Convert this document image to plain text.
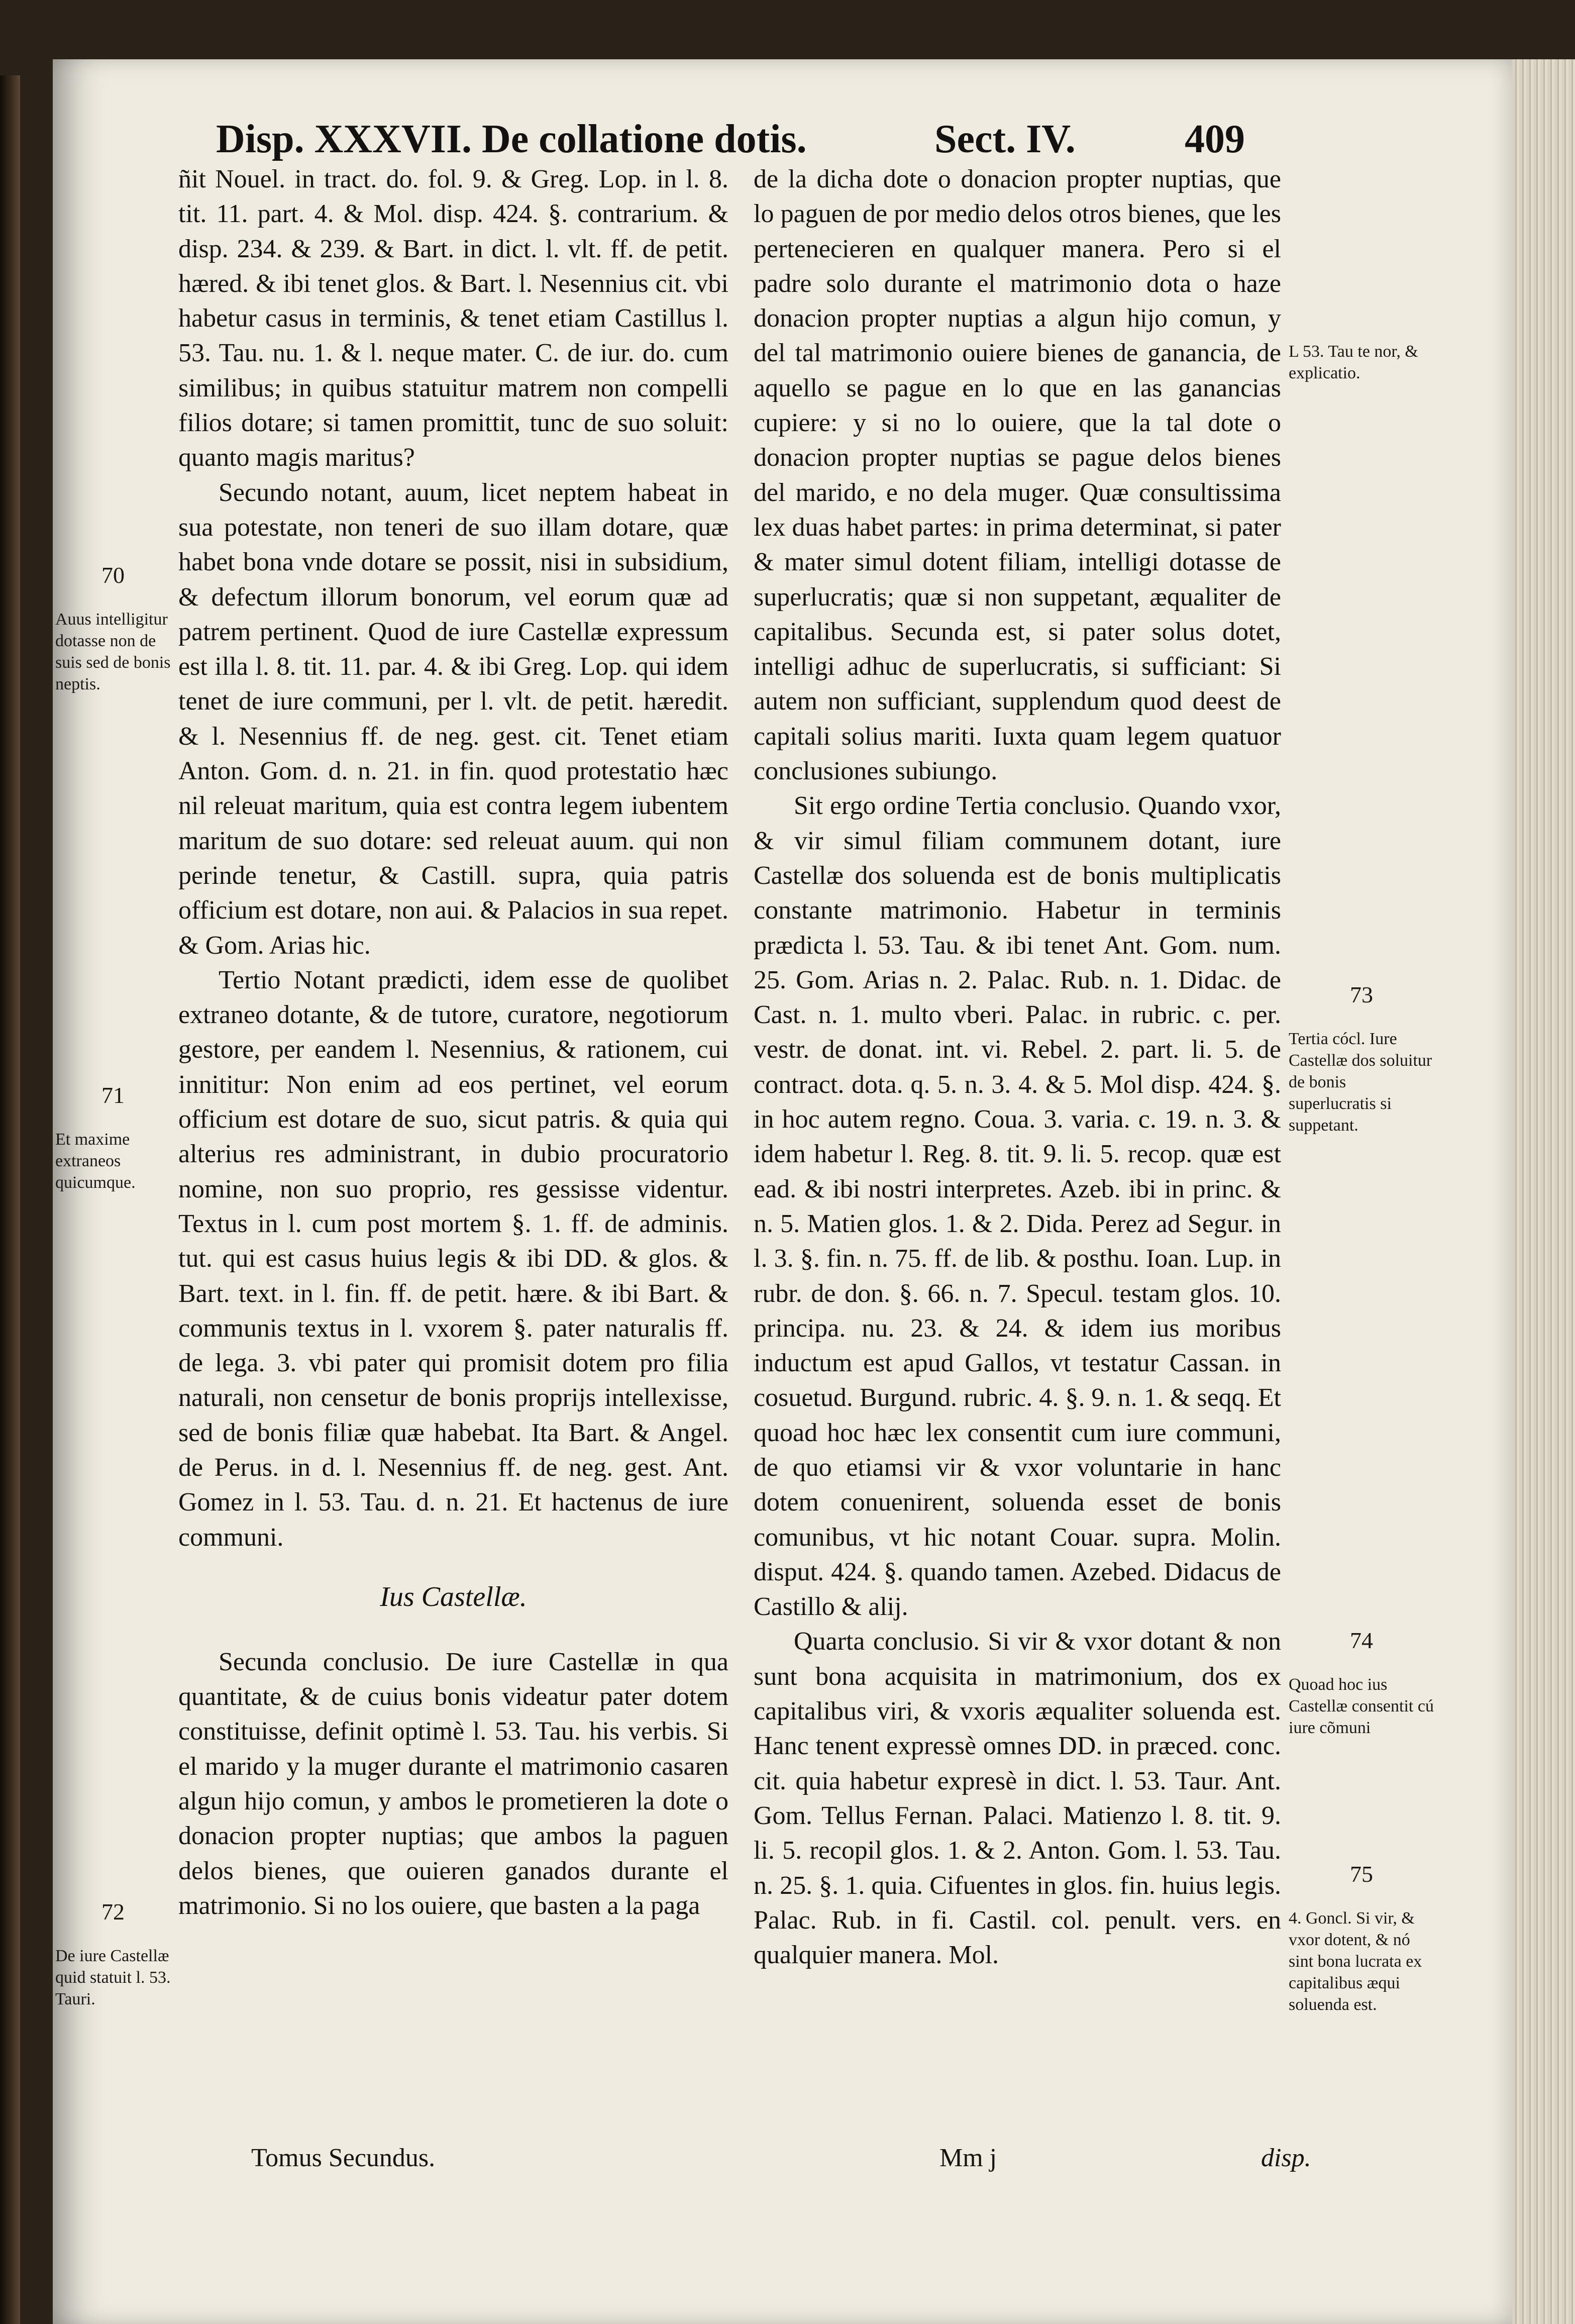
Disp. XXXVII. De collatione dotis.	Sect. IV.	409

ñit Nouel. in tract. do. fol. 9. & Greg. Lop. in l. 8. tit. 11. part. 4. & Mol. disp. 424. §. contrarium. & disp. 234. & 239. & Bart. in dict. l. vlt. ff. de petit. hæred. & ibi tenet glos. & Bart. l. Nesennius cit. vbi habetur casus in terminis, & tenet etiam Castillus l. 53. Tau. nu. 1. & l. neque mater. C. de iur. do. cum similibus; in quibus statuitur matrem non compelli filios dotare; si tamen promittit, tunc de suo soluit: quanto magis maritus?

Secundo notant, auum, licet neptem habeat in sua potestate, non teneri de suo illam dotare, quæ habet bona vnde dotare se possit, nisi in subsidium, & defectum illorum bonorum, vel eorum quæ ad patrem pertinent. Quod de iure Castellæ expressum est illa l. 8. tit. 11. par. 4. & ibi Greg. Lop. qui idem tenet de iure communi, per l. vlt. de petit. hæredit. & l. Nesennius ff. de neg. gest. cit. Tenet etiam Anton. Gom. d. n. 21. in fin. quod protestatio hæc nil releuat maritum, quia est contra legem iubentem maritum de suo dotare: sed releuat auum. qui non perinde tenetur, & Castill. supra, quia patris officium est dotare, non aui. & Palacios in sua repet. & Gom. Arias hic.

Tertio Notant prædicti, idem esse de quolibet extraneo dotante, & de tutore, curatore, negotiorum gestore, per eandem l. Nesennius, & rationem, cui innititur: Non enim ad eos pertinet, vel eorum officium est dotare de suo, sicut patris. & quia qui alterius res administrant, in dubio procuratorio nomine, non suo proprio, res gessisse videntur. Textus in l. cum post mortem §. 1. ff. de adminis. tut. qui est casus huius legis & ibi DD. & glos. & Bart. text. in l. fin. ff. de petit. hære. & ibi Bart. & communis textus in l. vxorem §. pater naturalis ff. de lega. 3. vbi pater qui promisit dotem pro filia naturali, non censetur de bonis proprijs intellexisse, sed de bonis filiæ quæ habebat. Ita Bart. & Angel. de Perus. in d. l. Nesennius ff. de neg. gest. Ant. Gomez in l. 53. Tau. d. n. 21. Et hactenus de iure communi.

Ius Castellæ.

Secunda conclusio. De iure Castellæ in qua quantitate, & de cuius bonis videatur pater dotem constituisse, definit optimè l. 53. Tau. his verbis. Si el marido y la muger durante el matrimonio casaren algun hijo comun, y ambos le prometieren la dote o donacion propter nuptias; que ambos la paguen delos bienes, que ouieren ganados durante el matrimonio. Si no los ouiere, que basten a la paga

de la dicha dote o donacion propter nuptias, que lo paguen de por medio delos otros bienes, que les pertenecieren en qualquer manera. Pero si el padre solo durante el matrimonio dota o haze donacion propter nuptias a algun hijo comun, y del tal matrimonio ouiere bienes de ganancia, de aquello se pague en lo que en las ganancias cupiere: y si no lo ouiere, que la tal dote o donacion propter nuptias se pague delos bienes del marido, e no dela muger. Quæ consultissima lex duas habet partes: in prima determinat, si pater & mater simul dotent filiam, intelligi dotasse de superlucratis; quæ si non suppetant, æqualiter de capitalibus. Secunda est, si pater solus dotet, intelligi adhuc de superlucratis, si sufficiant: Si autem non sufficiant, supplendum quod deest de capitali solius mariti. Iuxta quam legem quatuor conclusiones subiungo.

Sit ergo ordine Tertia conclusio. Quando vxor, & vir simul filiam communem dotant, iure Castellæ dos soluenda est de bonis multiplicatis constante matrimonio. Habetur in terminis prædicta l. 53. Tau. & ibi tenet Ant. Gom. num. 25. Gom. Arias n. 2. Palac. Rub. n. 1. Didac. de Cast. n. 1. multo vberi. Palac. in rubric. c. per. vestr. de donat. int. vi. Rebel. 2. part. li. 5. de contract. dota. q. 5. n. 3. 4. & 5. Mol disp. 424. §. in hoc autem regno. Coua. 3. varia. c. 19. n. 3. & idem habetur l. Reg. 8. tit. 9. li. 5. recop. quæ est ead. & ibi nostri interpretes. Azeb. ibi in princ. & n. 5. Matien glos. 1. & 2. Dida. Perez ad Segur. in l. 3. §. fin. n. 75. ff. de lib. & posthu. Ioan. Lup. in rubr. de don. §. 66. n. 7. Specul. testam glos. 10. principa. nu. 23. & 24. & idem ius moribus inductum est apud Gallos, vt testatur Cassan. in cosuetud. Burgund. rubric. 4. §. 9. n. 1. & seqq. Et quoad hoc hæc lex consentit cum iure communi, de quo etiamsi vir & vxor voluntarie in hanc dotem conuenirent, soluenda esset de bonis comunibus, vt hic notant Couar. supra. Molin. disput. 424. §. quando tamen. Azebed. Didacus de Castillo & alij.

Quarta conclusio. Si vir & vxor dotant & non sunt bona acquisita in matrimonium, dos ex capitalibus viri, & vxoris æqualiter soluenda est. Hanc tenent expressè omnes DD. in præced. conc. cit. quia habetur expresè in dict. l. 53. Taur. Ant. Gom. Tellus Fernan. Palaci. Matienzo l. 8. tit. 9. li. 5. recopil glos. 1. & 2. Anton. Gom. l. 53. Tau. n. 25. §. 1. quia. Cifuentes in glos. fin. huius legis. Palac. Rub. in fi. Castil. col. penult. vers. en qualquier manera. Mol.

70

Auus intelligitur dotasse non de suis sed de bonis neptis.

71

Et maxime extraneos quicumque.

72

De iure Castellæ quid statuit l. 53. Tauri.

L 53. Tau te nor, & explicatio.

73

Tertia cócl. Iure Castellæ dos soluitur de bonis superlucratis si suppetant.

74

Quoad hoc ius Castellæ consentit cú iure cõmuni

75

4. Goncl. Si vir, & vxor dotent, & nó sint bona lucrata ex capitalibus æqui soluenda est.

Tomus Secundus.	Mm j	disp.
